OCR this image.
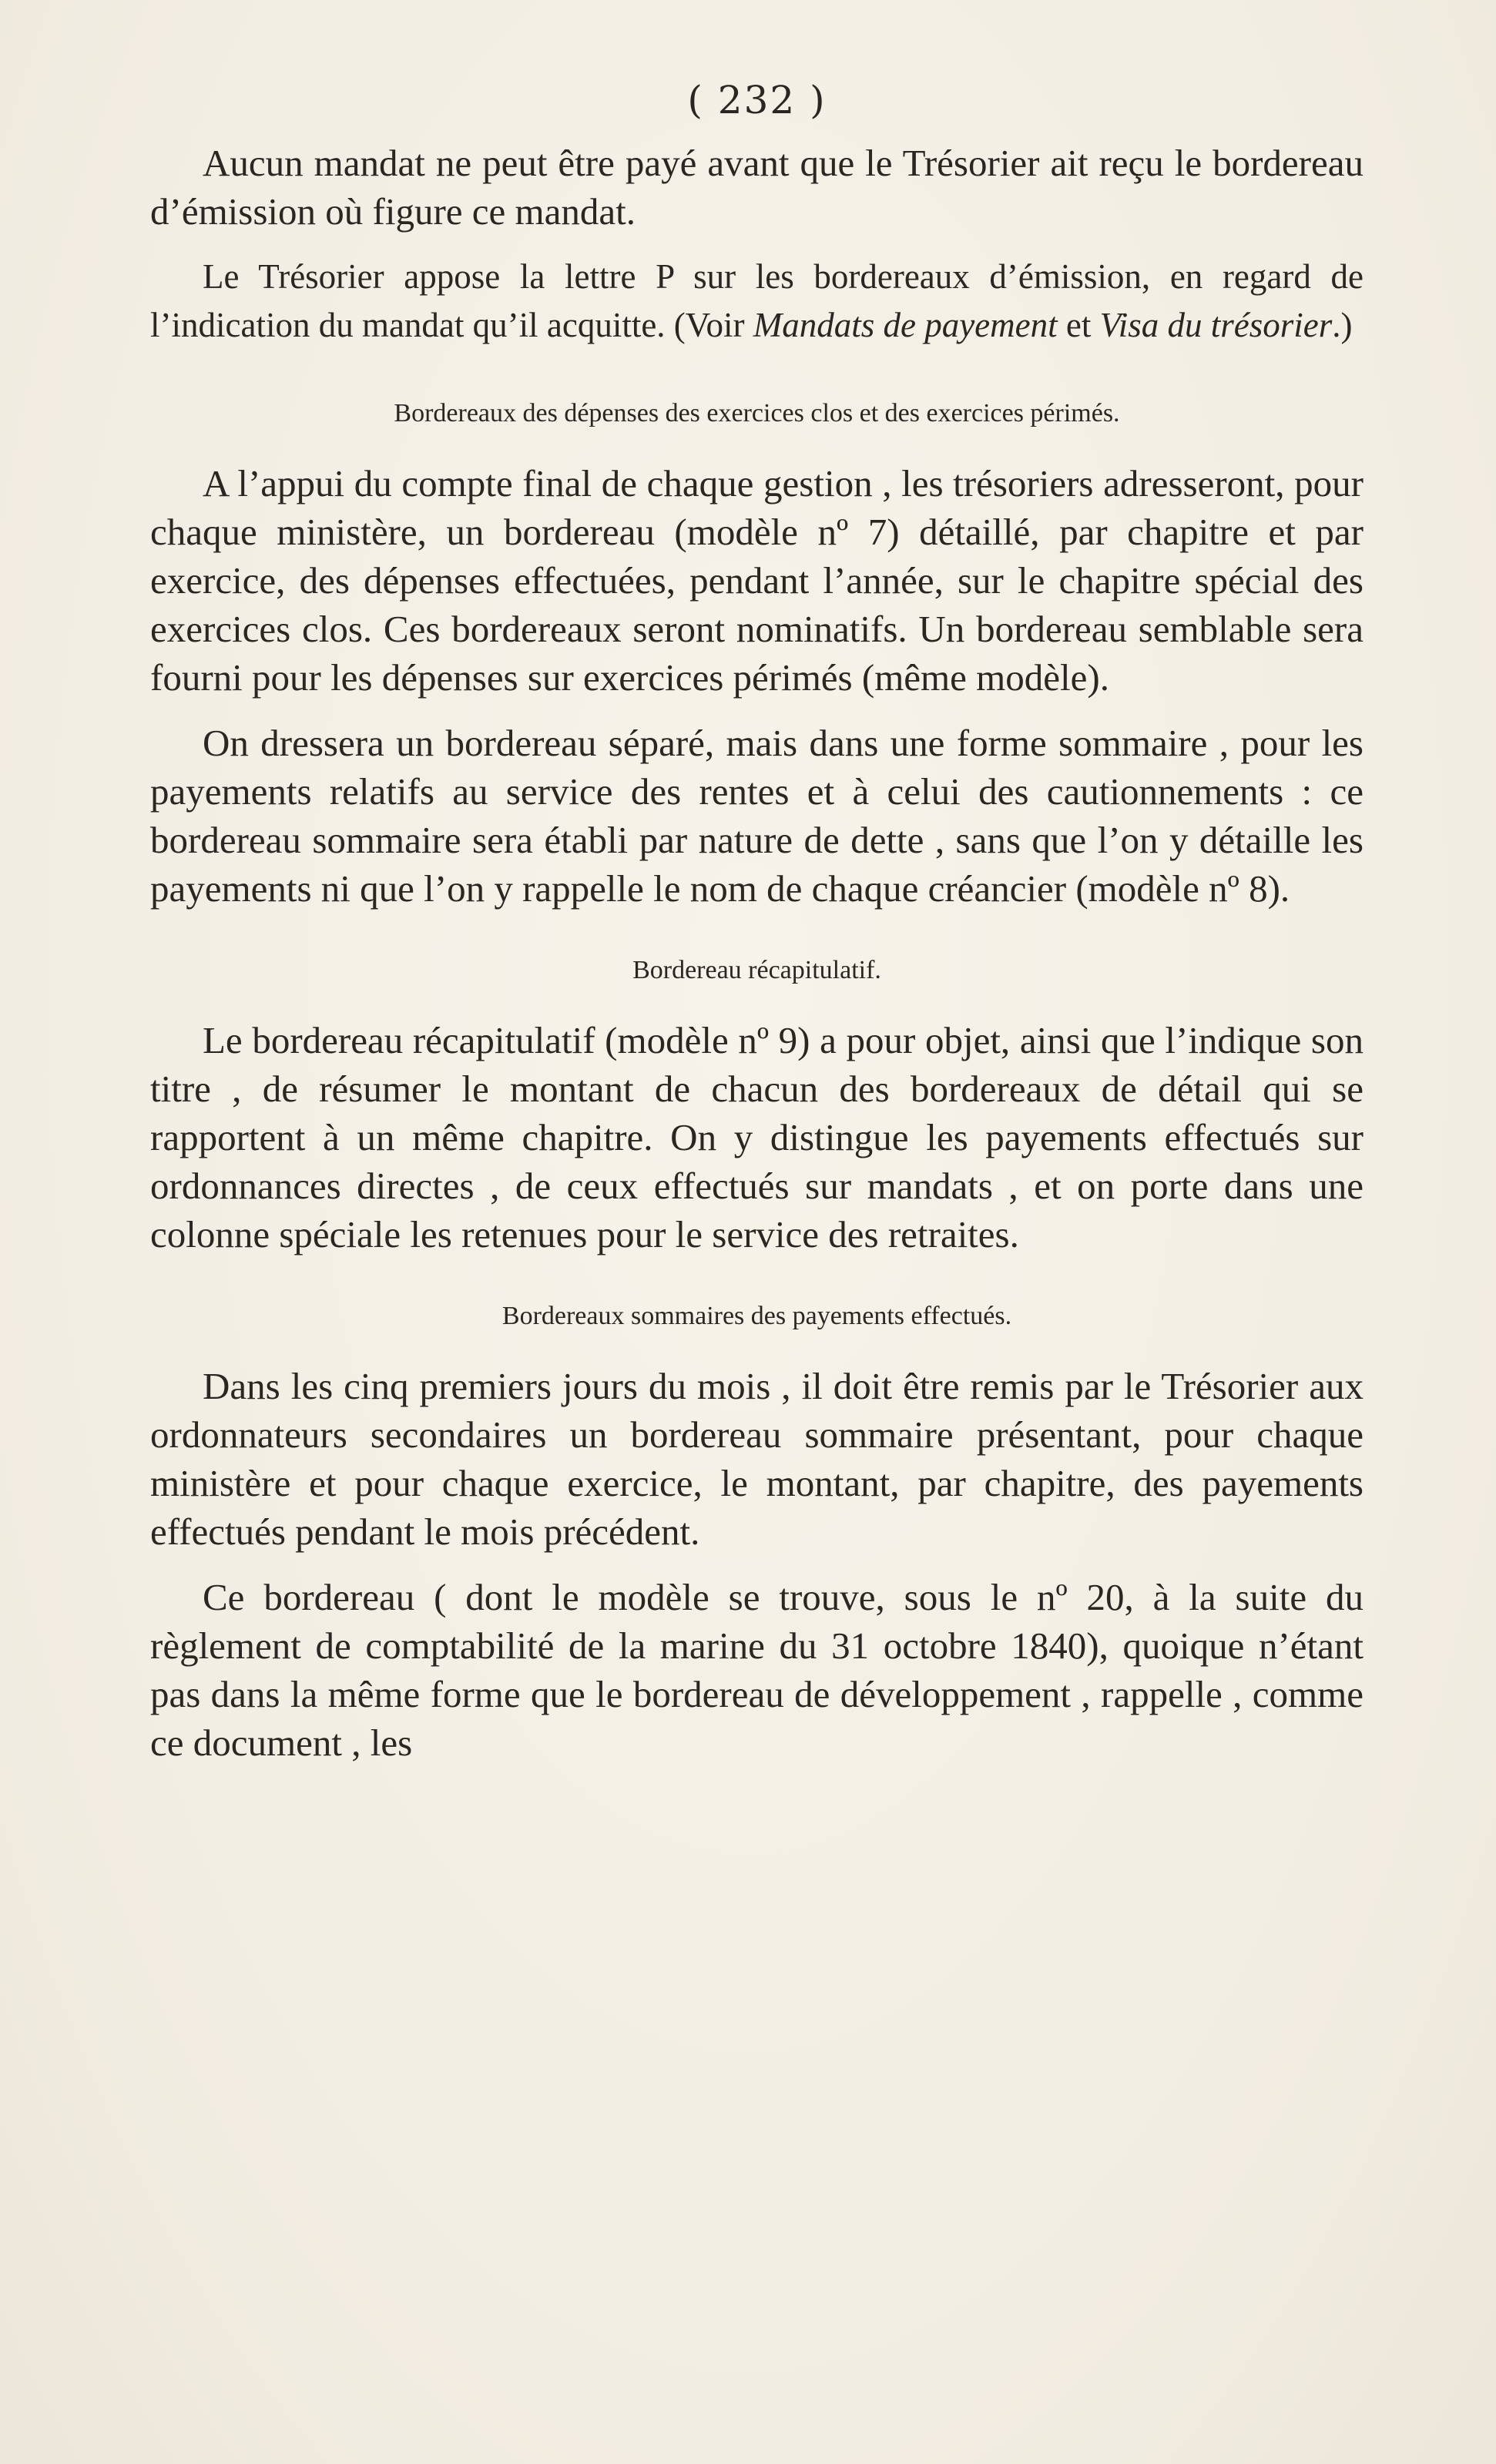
( 232 )

Aucun mandat ne peut être payé avant que le Trésorier ait reçu le bordereau d’émission où figure ce mandat.

Le Trésorier appose la lettre P sur les bordereaux d’émission, en regard de l’indication du mandat qu’il acquitte. (Voir Mandats de payement et Visa du trésorier.)

Bordereaux des dépenses des exercices clos et des exercices périmés.

A l’appui du compte final de chaque gestion , les trésoriers adresseront, pour chaque ministère, un bordereau (modèle nº 7) détaillé, par chapitre et par exercice, des dépenses effectuées, pendant l’année, sur le chapitre spécial des exercices clos. Ces bordereaux seront nominatifs. Un bordereau semblable sera fourni pour les dépenses sur exercices périmés (même modèle).

On dressera un bordereau séparé, mais dans une forme sommaire , pour les payements relatifs au service des rentes et à celui des cautionnements : ce bordereau sommaire sera établi par nature de dette , sans que l’on y détaille les payements ni que l’on y rappelle le nom de chaque créancier (modèle nº 8).

Bordereau récapitulatif.

Le bordereau récapitulatif (modèle nº 9) a pour objet, ainsi que l’indique son titre , de résumer le montant de chacun des bordereaux de détail qui se rapportent à un même chapitre. On y distingue les payements effectués sur ordonnances directes , de ceux effectués sur mandats , et on porte dans une colonne spéciale les retenues pour le service des retraites.

Bordereaux sommaires des payements effectués.

Dans les cinq premiers jours du mois , il doit être remis par le Trésorier aux ordonnateurs secondaires un bordereau sommaire présentant, pour chaque ministère et pour chaque exercice, le montant, par chapitre, des payements effectués pendant le mois précédent.

Ce bordereau ( dont le modèle se trouve, sous le nº 20, à la suite du règlement de comptabilité de la marine du 31 octobre 1840), quoique n’étant pas dans la même forme que le bordereau de développement , rappelle , comme ce document , les
